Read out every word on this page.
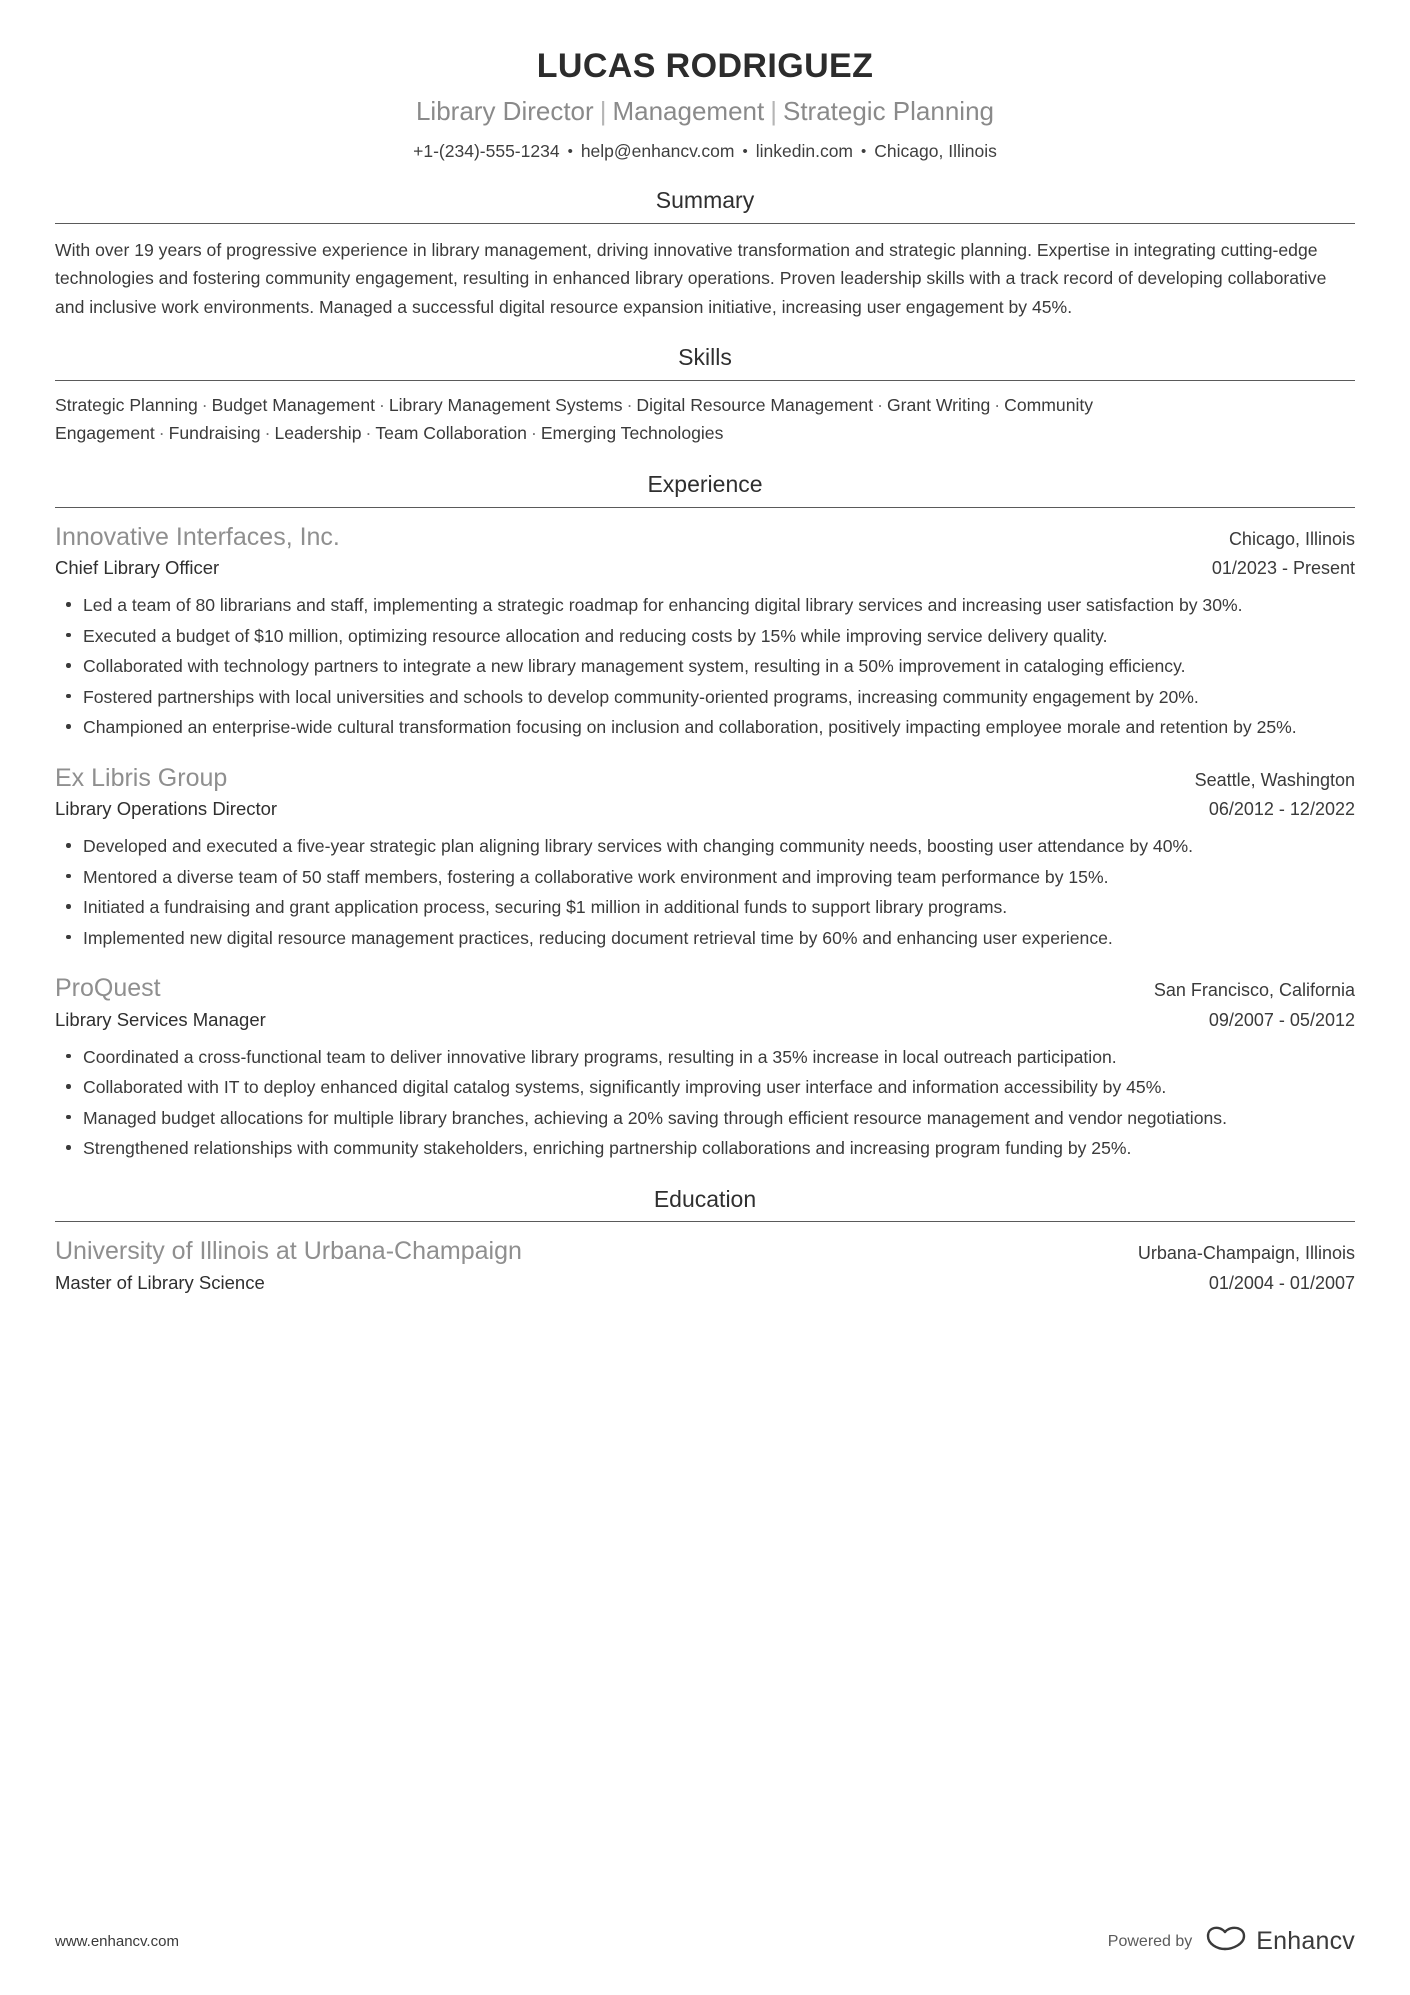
LUCAS RODRIGUEZ
Library Director | Management | Strategic Planning
+1-(234)-555-1234 • help@enhancv.com • linkedin.com • Chicago, Illinois
Summary
With over 19 years of progressive experience in library management, driving innovative transformation and strategic planning. Expertise in integrating cutting-edge technologies and fostering community engagement, resulting in enhanced library operations. Proven leadership skills with a track record of developing collaborative and inclusive work environments. Managed a successful digital resource expansion initiative, increasing user engagement by 45%.
Skills
Strategic Planning · Budget Management · Library Management Systems · Digital Resource Management · Grant Writing · Community Engagement · Fundraising · Leadership · Team Collaboration · Emerging Technologies
Experience
Innovative Interfaces, Inc.	Chicago, Illinois
Chief Library Officer	01/2023 - Present
Led a team of 80 librarians and staff, implementing a strategic roadmap for enhancing digital library services and increasing user satisfaction by 30%.
Executed a budget of $10 million, optimizing resource allocation and reducing costs by 15% while improving service delivery quality.
Collaborated with technology partners to integrate a new library management system, resulting in a 50% improvement in cataloging efficiency.
Fostered partnerships with local universities and schools to develop community-oriented programs, increasing community engagement by 20%.
Championed an enterprise-wide cultural transformation focusing on inclusion and collaboration, positively impacting employee morale and retention by 25%.
Ex Libris Group	Seattle, Washington
Library Operations Director	06/2012 - 12/2022
Developed and executed a five-year strategic plan aligning library services with changing community needs, boosting user attendance by 40%.
Mentored a diverse team of 50 staff members, fostering a collaborative work environment and improving team performance by 15%.
Initiated a fundraising and grant application process, securing $1 million in additional funds to support library programs.
Implemented new digital resource management practices, reducing document retrieval time by 60% and enhancing user experience.
ProQuest	San Francisco, California
Library Services Manager	09/2007 - 05/2012
Coordinated a cross-functional team to deliver innovative library programs, resulting in a 35% increase in local outreach participation.
Collaborated with IT to deploy enhanced digital catalog systems, significantly improving user interface and information accessibility by 45%.
Managed budget allocations for multiple library branches, achieving a 20% saving through efficient resource management and vendor negotiations.
Strengthened relationships with community stakeholders, enriching partnership collaborations and increasing program funding by 25%.
Education
University of Illinois at Urbana-Champaign	Urbana-Champaign, Illinois
Master of Library Science	01/2004 - 01/2007
www.enhancv.com	Powered by	Enhancv
